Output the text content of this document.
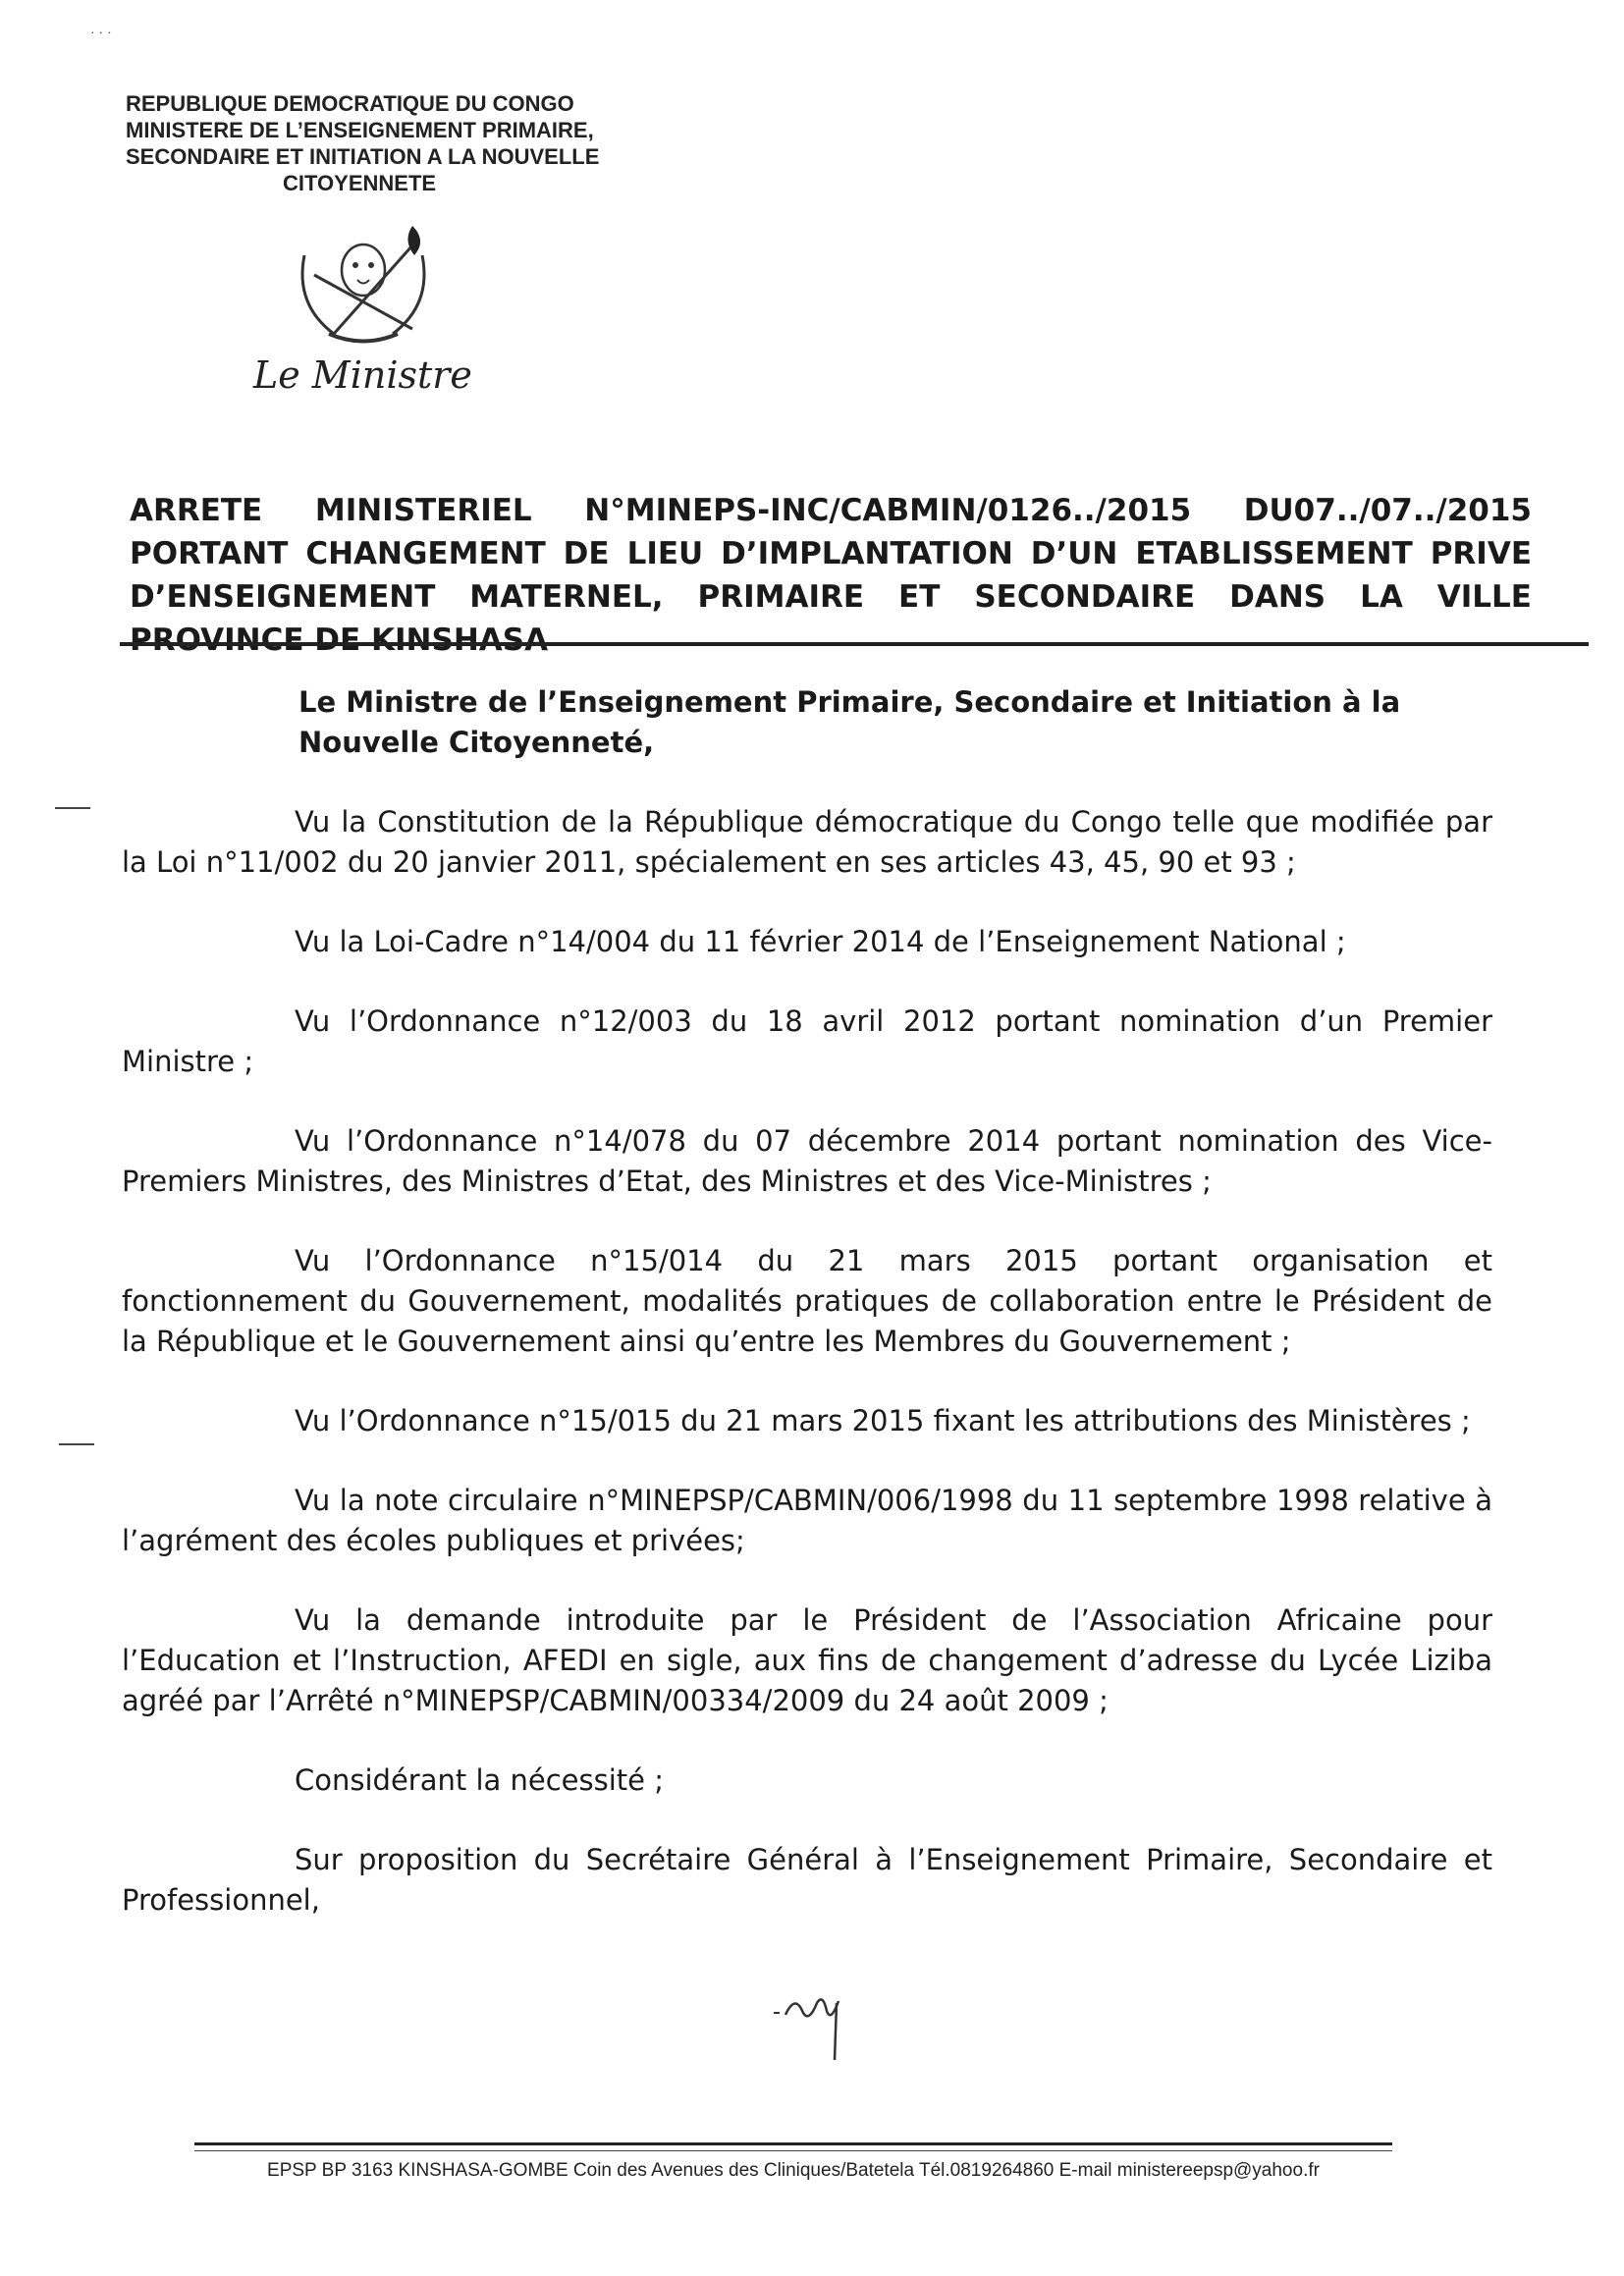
· · ·
REPUBLIQUE DEMOCRATIQUE DU CONGO
MINISTERE DE L’ENSEIGNEMENT PRIMAIRE,
SECONDAIRE ET INITIATION A LA NOUVELLE
CITOYENNETE
Le Ministre
ARRETE MINISTERIEL N°MINEPS-INC/CABMIN/0126../2015 DU07../07../2015
PORTANT CHANGEMENT DE LIEU D’IMPLANTATION D’UN ETABLISSEMENT PRIVE
D’ENSEIGNEMENT MATERNEL, PRIMAIRE ET SECONDAIRE DANS LA VILLE
PROVINCE DE KINSHASA
Le Ministre de l’Enseignement Primaire, Secondaire et Initiation à la Nouvelle Citoyenneté,
Vu la Constitution de la République démocratique du Congo telle que modifiée par la Loi n°11/002 du 20 janvier 2011, spécialement en ses articles 43, 45, 90 et 93 ;
Vu la Loi-Cadre n°14/004 du 11 février 2014 de l’Enseignement National ;
Vu l’Ordonnance n°12/003 du 18 avril 2012 portant nomination d’un Premier Ministre ;
Vu l’Ordonnance n°14/078 du 07 décembre 2014 portant nomination des Vice-Premiers Ministres, des Ministres d’Etat, des Ministres et des Vice-Ministres ;
Vu l’Ordonnance n°15/014 du 21 mars 2015 portant organisation et fonctionnement du Gouvernement, modalités pratiques de collaboration entre le Président de la République et le Gouvernement ainsi qu’entre les Membres du Gouvernement ;
Vu l’Ordonnance n°15/015 du 21 mars 2015 fixant les attributions des Ministères ;
Vu la note circulaire n°MINEPSP/CABMIN/006/1998 du 11 septembre 1998 relative à l’agrément des écoles publiques et privées;
Vu la demande introduite par le Président de l’Association Africaine pour l’Education et l’Instruction, AFEDI en sigle, aux fins de changement d’adresse du Lycée Liziba agréé par l’Arrêté n°MINEPSP/CABMIN/00334/2009 du 24 août 2009 ;
Considérant la nécessité ;
Sur proposition du Secrétaire Général à l’Enseignement Primaire, Secondaire et Professionnel,
EPSP BP 3163 KINSHASA-GOMBE Coin des Avenues des Cliniques/Batetela Tél.0819264860 E-mail ministereepsp@yahoo.fr
